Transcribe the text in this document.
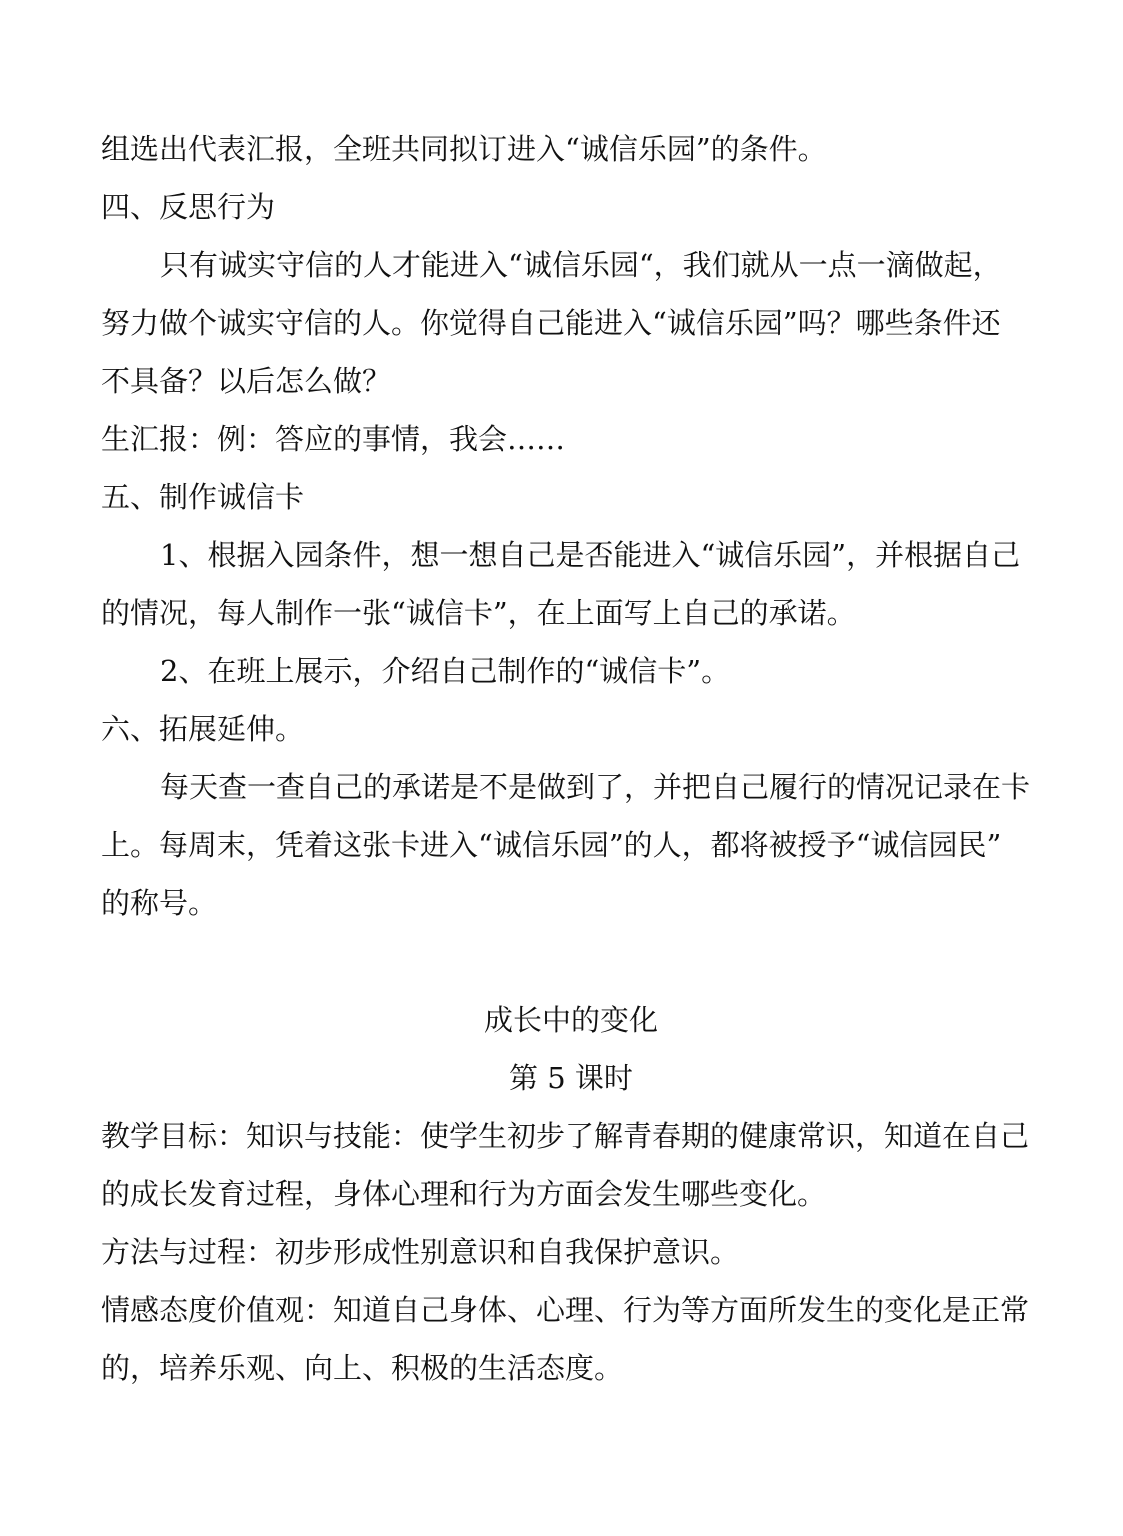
组选出代表汇报，全班共同拟订进入“诚信乐园”的条件。
四、反思行为
只有诚实守信的人才能进入“诚信乐园“，我们就从一点一滴做起，
努力做个诚实守信的人。你觉得自己能进入“诚信乐园”吗？哪些条件还
不具备？以后怎么做？
生汇报：例：答应的事情，我会……
五、制作诚信卡
1、根据入园条件，想一想自己是否能进入“诚信乐园”，并根据自己
的情况，每人制作一张“诚信卡”，在上面写上自己的承诺。
2、在班上展示，介绍自己制作的“诚信卡”。
六、拓展延伸。
每天查一查自己的承诺是不是做到了，并把自己履行的情况记录在卡
上。每周末，凭着这张卡进入“诚信乐园”的人，都将被授予“诚信园民”
的称号。
成长中的变化
第 5 课时
教学目标：知识与技能：使学生初步了解青春期的健康常识，知道在自己
的成长发育过程，身体心理和行为方面会发生哪些变化。
方法与过程：初步形成性别意识和自我保护意识。
情感态度价值观：知道自己身体、心理、行为等方面所发生的变化是正常
的，培养乐观、向上、积极的生活态度。
